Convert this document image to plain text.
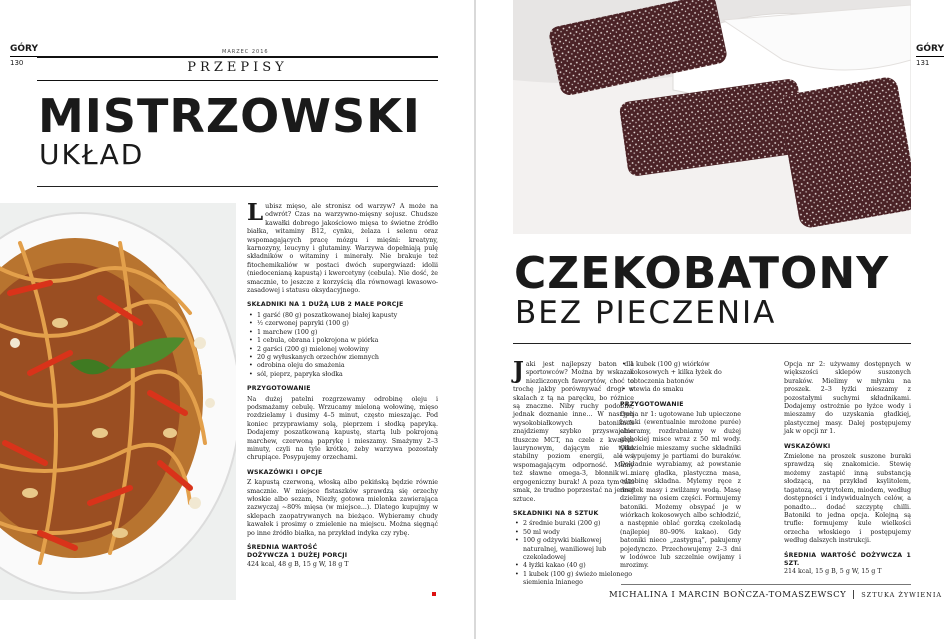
GÓRY
130
MARZEC 2016
PRZEPISY
MISTRZOWSKI
UKŁAD

Lubisz mięso, ale stronisz od warzyw? A może na odwrót? Czas na warzywno-mięsny sojusz. Chudsze kawałki dobrego jakościowo mięsa to świetne źródło białka, witaminy B12, cynku, żelaza i selenu oraz wspomagających pracę mózgu i mięśni: kreatyny, karnozyny, leucyny i glutaminy. Warzywa dopełniają pulę składników o witaminy i minerały. Nie brakuje też fitochemikaliów w postaci dwóch supergwiazd: idolii (niedocenianą kapustą) i kwercetyny (cebula). Nie dość, że smacznie, to jeszcze z korzyścią dla równowagi kwasowo-zasadowej i statusu oksydacyjnego.

SKŁADNIKI NA 1 DUŻĄ LUB 2 MAŁE PORCJE
• 1 garść (80 g) poszatkowanej białej kapusty
• ½ czerwonej papryki (100 g)
• 1 marchew (100 g)
• 1 cebula, obrana i pokrojona w piórka
• 2 garści (200 g) mielonej wołowiny
• 20 g wyłuskanych orzechów ziemnych
• odrobina oleju do smażenia
• sól, pieprz, papryka słodka
PRZYGOTOWANIE

Na dużej patelni rozgrzewamy odrobinę oleju i podsmażamy cebulę. Wrzucamy mieloną wołowinę, mięso rozdzielamy i dusimy 4–5 minut, często mieszając. Pod koniec przyprawiamy solą, pieprzem i słodką papryką. Dodajemy poszatkowaną kapustę, startą lub pokrojoną marchew, czerwoną paprykę i mieszamy. Smażymy 2–3 minuty, czyli na tyle krótko, żeby warzywa pozostały chrupiące. Posypujemy orzechami.

WSKAZÓWKI I OPCJE

Z kapustą czerwoną, włoską albo pekińską będzie równie smacznie. W miejsce fistaszków sprawdzą się orzechy włoskie albo sezam, Niezły, gotowa mielonka zawierająca zazwyczaj ~80% mięsa (w miejsce...). Dlatego kupujmy w sklepach zaopatrywanych na bieżąco. Wybieramy chudy kawałek i prosimy o zmielenie na miejscu. Można sięgnąć po inne źródło białka, na przykład indyka czy rybę.

ŚREDNIA WARTOŚĆ
DOŻYWCZA 1 DUŻEJ PORCJI

424 kcal, 48 g B, 15 g W, 18 g T

GÓRY
131
CZEKOBATONY
BEZ PIECZENIA

Jaki jest najlepszy baton dla sportowców? Można by wskazać niezliczonych faworytów, choć to trochę jakby porównywać drogi w skalach z tą na paręcku, bo różnice są znaczne. Niby ruchy podobne, jednak doznanie inne… W naszych wysokobiałkowych batonikach znajdziemy szybko przyswajalne tłuszcze MCT, na czele z kwasem laurynowym, dającym nie tylko stabilny poziom energii, ale i wspomagającym odporność. Mamy też sławne omega-3, błonnik i… ergogeniczny burak! A poza tym taki smak, że trudno poprzestać na jednej sztuce.

SKŁADNIKI NA 8 SZTUK
• 2 średnie buraki (200 g)
• 50 ml wody
• 100 g odżywki białkowej naturalnej, waniliowej lub czekoladowej
• 4 łyżki kakao (40 g)
• 1 kubek (100 g) świeżo mielonego siemienia lnianego
• 1 kubek (100 g) wiórków kokosowych + kilka łyżek do obtoczenia batonów
• stewia do smaku
PRZYGOTOWANIE

Opcja nr 1: ugotowane lub upieczone buraki (ewentualnie mrożone purée) obieramy, rozdrabniamy w dużej głębokiej misce wraz z 50 ml wody. Oddzielnie mieszamy suche składniki i wsypujemy je partiami do buraków. Dokładnie wyrabiamy, aż powstanie w miarę gładka, plastyczna masa, odrobinę składna. Mylemy ręce z resztek masy i zwilżamy wodą. Masę dzielimy na osiem części. Formujemy batoniki. Możemy obsypać je w wiórkach kokosowych albo schłodzić, a następnie oblać gorzką czekoladą (najlepiej 80–90% kakao). Gdy batoniki nieco „zastygną”, pakujemy pojedynczo. Przechowujemy 2–3 dni w lodówce lub szczelnie owijamy i mrozimy.

Opcja nr 2: używamy dostępnych w większości sklepów suszonych buraków. Mielimy w młynku na proszek. 2–3 łyżki mieszamy z pozostałymi suchymi składnikami. Dodajemy ostrożnie po łyżce wody i mieszamy do uzyskania gładkiej, plastycznej masy. Dalej postępujemy jak w opcji nr 1.

WSKAZÓWKI

Zmielone na proszek suszone buraki sprawdzą się znakomicie. Stewię możemy zastąpić inną substancją słodzącą, na przykład ksylitolem, tagatozą, erytrytolem, miodem, według dostępności i indywidualnych celów, a ponadto… dodać szczyptę chilli. Batoniki to jedna opcja. Kolejną są trufle: formujemy kule wielkości orzecha włoskiego i postępujemy według dalszych instrukcji.

ŚREDNIA WARTOŚĆ DOŻYWCZA 1 SZT.

214 kcal, 15 g B, 5 g W, 15 g T

MICHALINA I MARCIN BOŃCZA-TOMASZEWSCY SZTUKA ŻYWIENIA
